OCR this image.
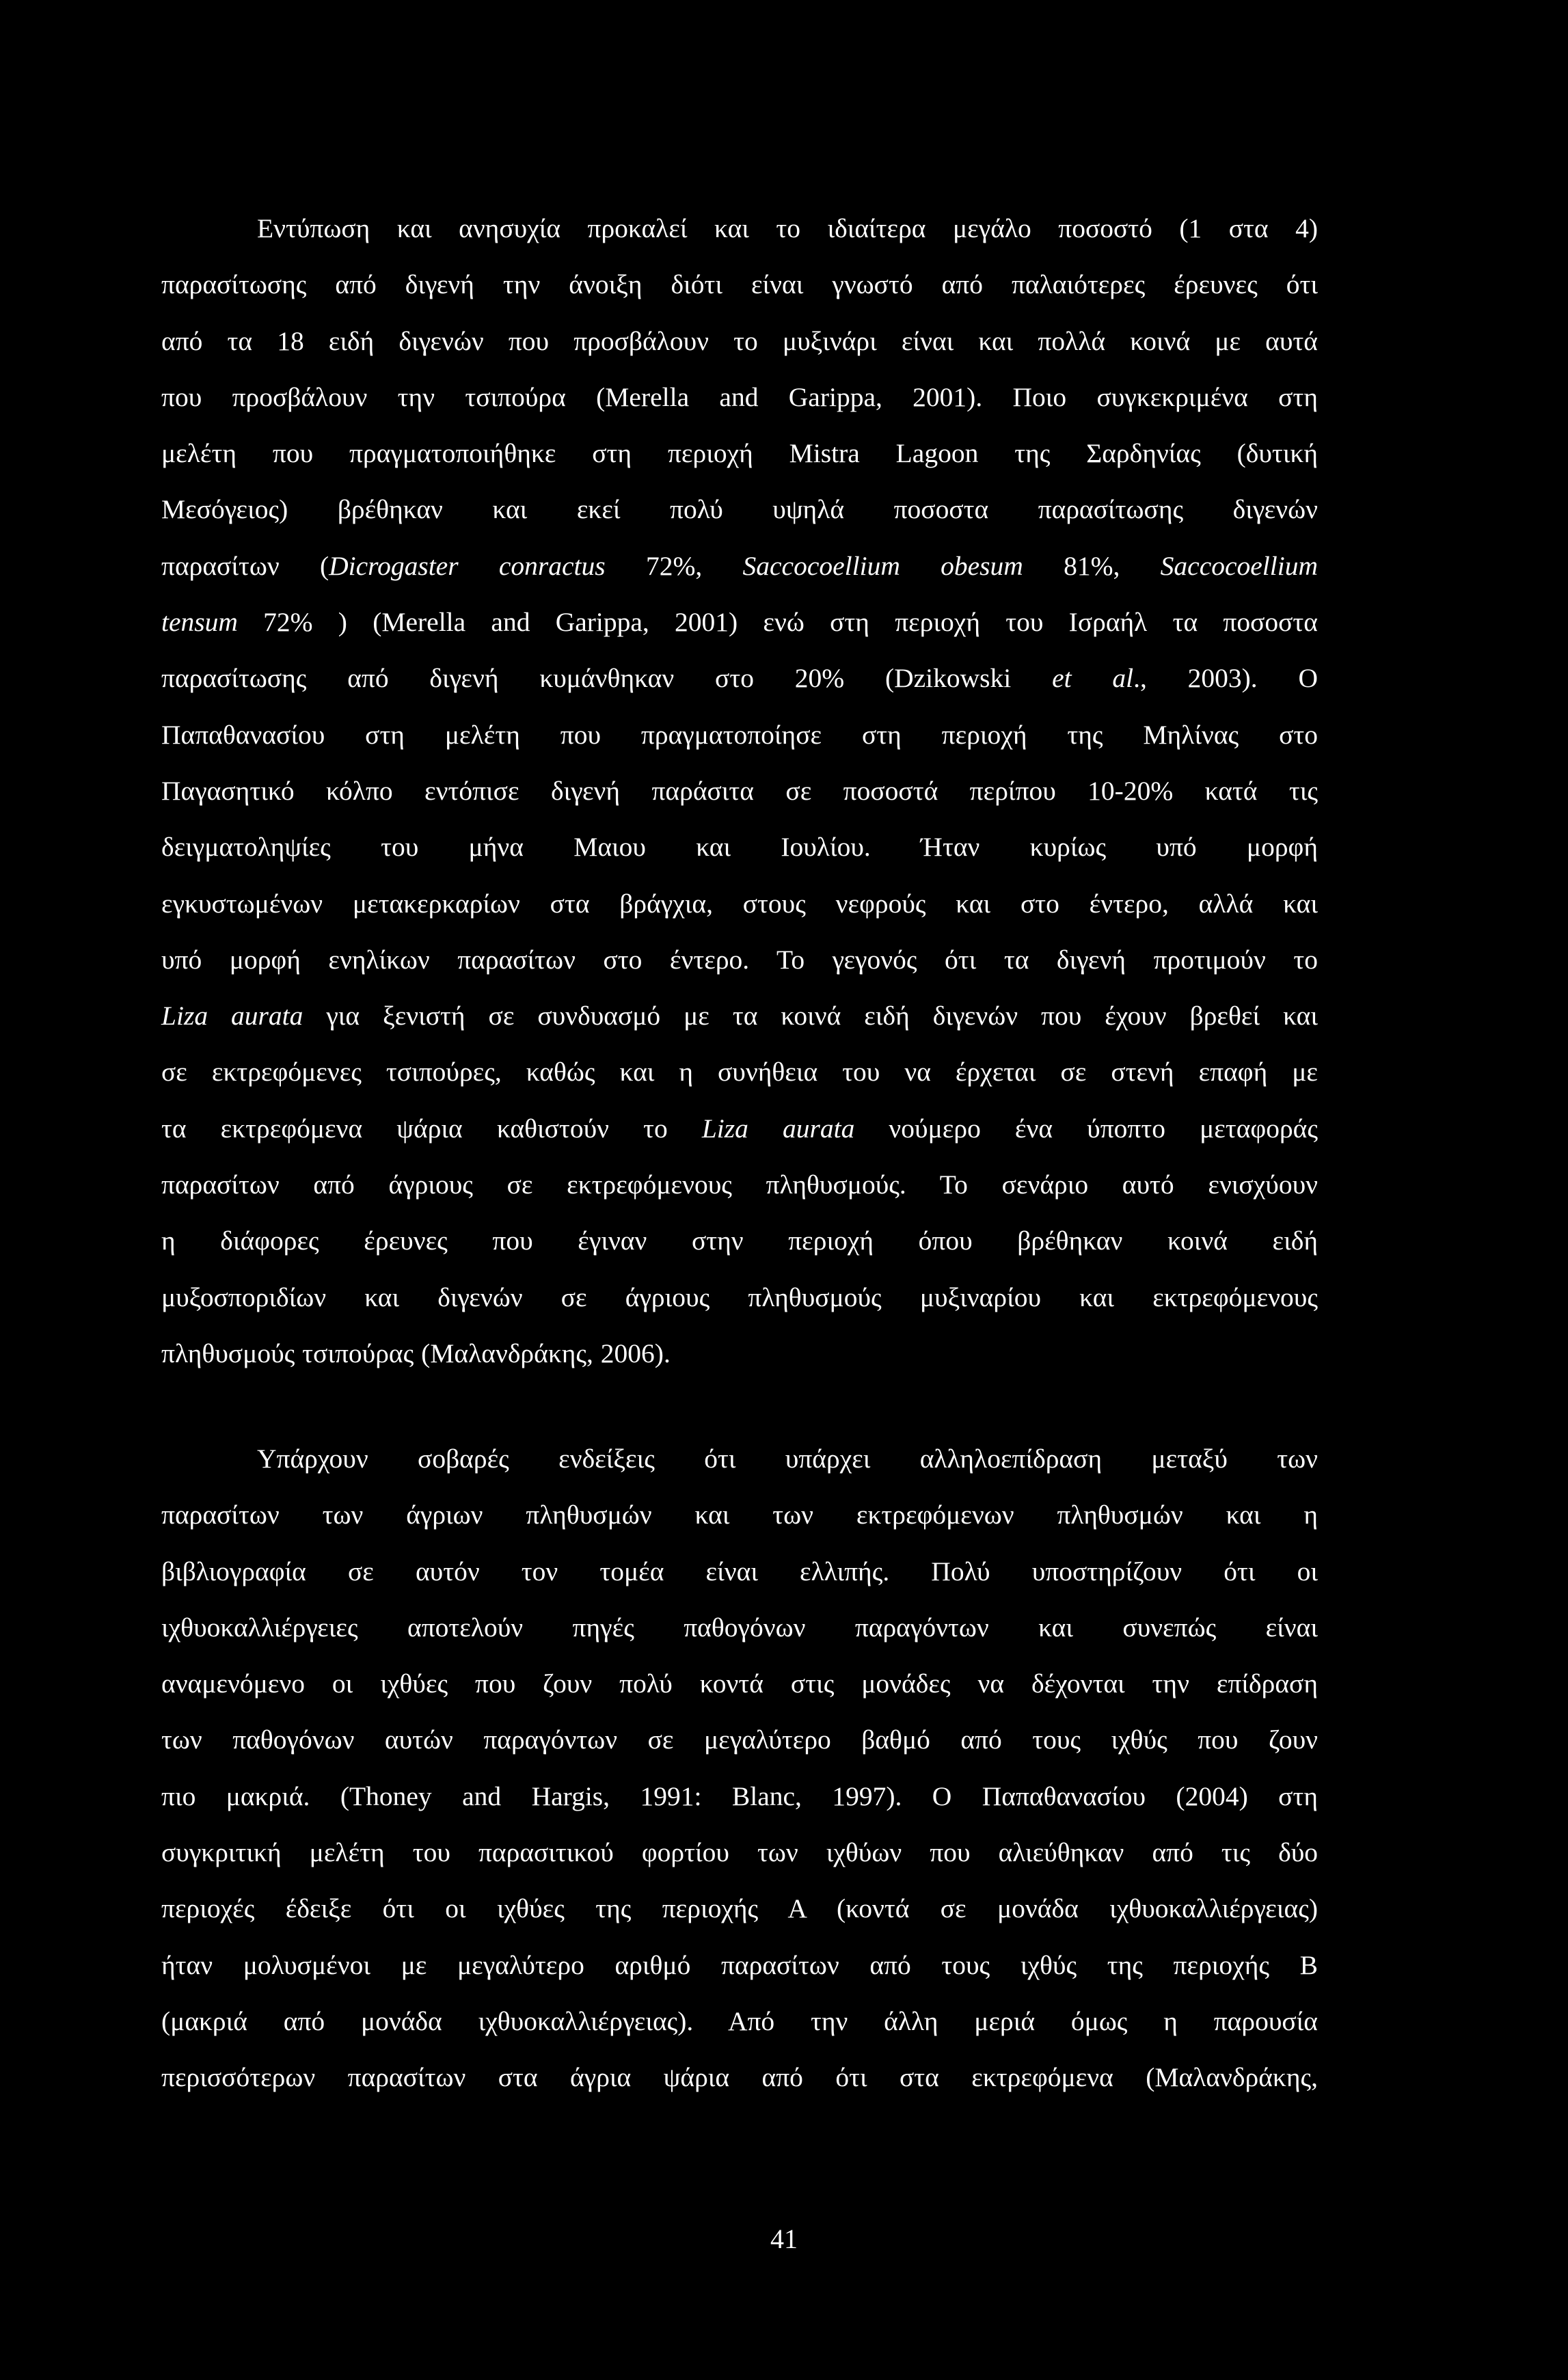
Εντύπωση και ανησυχία προκαλεί και το ιδιαίτερα μεγάλο ποσοστό (1 στα 4)
παρασίτωσης από διγενή την άνοιξη διότι είναι γνωστό από παλαιότερες έρευνες ότι
από τα 18 ειδή διγενών που προσβάλουν το μυξινάρι είναι και πολλά κοινά με αυτά
που προσβάλουν την τσιπούρα (Merella and Garippa, 2001). Ποιο συγκεκριμένα στη
μελέτη που πραγματοποιήθηκε στη περιοχή Mistra Lagoon της Σαρδηνίας (δυτική
Μεσόγειος) βρέθηκαν και εκεί πολύ υψηλά ποσοστα παρασίτωσης διγενών
παρασίτων (Dicrogaster conractus 72%, Saccocoellium obesum 81%, Saccocoellium
tensum 72% ) (Merella and Garippa, 2001) ενώ στη περιοχή του Ισραήλ τα ποσοστα
παρασίτωσης από διγενή κυμάνθηκαν στο 20% (Dzikowski et al., 2003). Ο
Παπαθανασίου στη μελέτη που πραγματοποίησε στη περιοχή της Μηλίνας στο
Παγασητικό κόλπο εντόπισε διγενή παράσιτα σε ποσοστά περίπου 10-20% κατά τις
δειγματοληψίες του μήνα Μαιου και Ιουλίου. Ήταν κυρίως υπό μορφή
εγκυστωμένων μετακερκαρίων στα βράγχια, στους νεφρούς και στο έντερο, αλλά και
υπό μορφή ενηλίκων παρασίτων στο έντερο. Το γεγονός ότι τα διγενή προτιμούν το
Liza aurata για ξενιστή σε συνδυασμό με τα κοινά ειδή διγενών που έχουν βρεθεί και
σε εκτρεφόμενες τσιπούρες, καθώς και η συνήθεια του να έρχεται σε στενή επαφή με
τα εκτρεφόμενα ψάρια καθιστούν το Liza aurata νούμερο ένα ύποπτο μεταφοράς
παρασίτων από άγριους σε εκτρεφόμενους πληθυσμούς. Το σενάριο αυτό ενισχύουν
η διάφορες έρευνες που έγιναν στην περιοχή όπου βρέθηκαν κοινά ειδή
μυξοσποριδίων και διγενών σε άγριους πληθυσμούς μυξιναρίου και εκτρεφόμενους
πληθυσμούς τσιπούρας (Μαλανδράκης, 2006).
Υπάρχουν σοβαρές ενδείξεις ότι υπάρχει αλληλοεπίδραση μεταξύ των
παρασίτων των άγριων πληθυσμών και των εκτρεφόμενων πληθυσμών και η
βιβλιογραφία σε αυτόν τον τομέα είναι ελλιπής. Πολύ υποστηρίζουν ότι οι
ιχθυοκαλλιέργειες αποτελούν πηγές παθογόνων παραγόντων και συνεπώς είναι
αναμενόμενο οι ιχθύες που ζουν πολύ κοντά στις μονάδες να δέχονται την επίδραση
των παθογόνων αυτών παραγόντων σε μεγαλύτερο βαθμό από τους ιχθύς που ζουν
πιο μακριά. (Thoney and Hargis, 1991: Blanc, 1997). Ο Παπαθανασίου (2004) στη
συγκριτική μελέτη του παρασιτικού φορτίου των ιχθύων που αλιεύθηκαν από τις δύο
περιοχές έδειξε ότι οι ιχθύες της περιοχής Α (κοντά σε μονάδα ιχθυοκαλλιέργειας)
ήταν μολυσμένοι με μεγαλύτερο αριθμό παρασίτων από τους ιχθύς της περιοχής Β
(μακριά από μονάδα ιχθυοκαλλιέργειας). Από την άλλη μεριά όμως η παρουσία
περισσότερων παρασίτων στα άγρια ψάρια από ότι στα εκτρεφόμενα (Μαλανδράκης,
41
